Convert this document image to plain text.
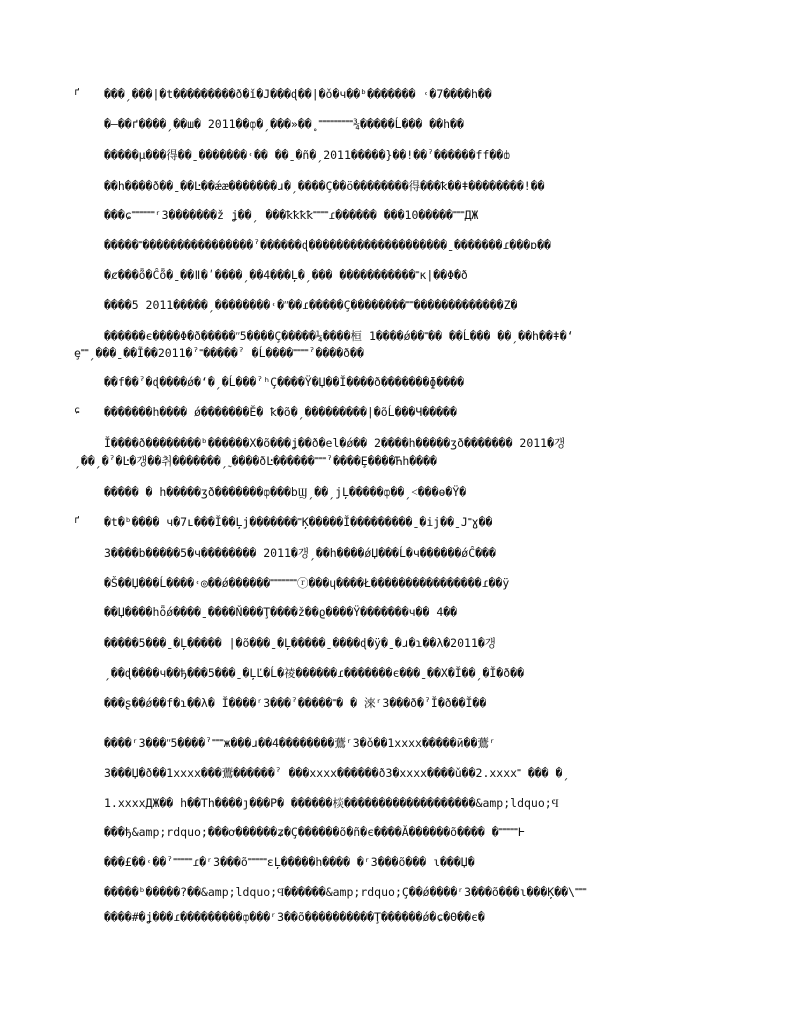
ґ ���ˏ���|�t���������ð�ǐ�J���ɖ��|�ǒ�ч��ᵇ������� ˓�7����h��
�—��ґ����ˏ��ш� 2011��ȹ�ˏ���»��˳˭˭˭˭˭˭˭˭˭¾�����Ĺ��� ��h��
�����µ���得��ˍ�������˓�� ��ˍ�ñ�ˏ2011�����}��ǃ��ˀ������ff��ȸ
��h����ð��ˍ��Ŀ��ǽæ�������ɹ�ˏ����Ç��ö��������得���ꝁ��ǂ��������ǃ��
���ɕ˭˭˭˭˭˭ʳ3�������ž ʝ��ˏ ���ꝁꝁꝁꝁ˭˭˭˭ɾ������ ���10�����˭˭˭ДЖ
�����˭����������������ˀ������ɖ��������������������ˍ�������ɾ���ɒ��
�ȼ���ȭ�Ĉȭ�ˍ��ǁ�ʹ����ˏ��4���Ļ�ˏ��� �����������˭к|��Φ�ð
����5 2011�����ˏ��������˓�ʺ��ɾ�����Ç��������˭˭�������������Z�
������є����Φ�ð�����ʺ5����Ç�����¼����桓 1����ǿ��˭�� ��Ĺ��� ��ˏ��h��ǂ�ʻ
ȩ˭˭ˏ���ˍ��Ĩ��2011�ˀ˭�����ˀ �Ĺ����˭˭˭˭ˀ����ð��
��f��ˀ�ɖ����ǿ�ʻ�ˏ�Ĺ���ˀʰÇ����Ÿ�Џ��Ĭ����ð�������ɸ����
ɕ �������h���� ǿ�������Ĕ� ꝁ�õ�ˏ���������|�õĹ���Ч�����
Ĭ����ð��������ᵇ������Χ�õ���ʝ��ð�el�ǿ�� 2����h�����ʒð������� 2011�갱
ˏ��ˏ�ˀ�Ŀ�갱��취�������ˏ˷����ðĿ������˭˭˭ˀ����Ȩ����Ћh����
����� � h�����ʒð�������ȹ���bϢˏ��ˏjĻ�����ȹ��ˏ˂���ɵ�Ÿ�
ґ �t�ᵇ���� ч�7ʟ���Ĭ��Ļj�������˭Ķ�����Ĭ���������ˍ�ij��ˍJ˭ɣ��
3����b�����5�ч�������� 2011�갱ˏ��h����ǿЏ���Ĺ�ч������ǿĈ���
�Š��Џ���Ĺ����˓◎��ǿ������˭˭˭˭˭˭˭ⓡ���ɥ����Ł����������������ɾ��ÿ
��Џ����hȫǿ����ˍ����Ň���Ţ����ž��ϱ����Ÿ�������ч�� 4��
�����5���ˍ�Ļ����� |�õ���ˍ�Ļ�����ˍ����ɖ�ÿ�ˍ�ɹ�ɿ��λ�2011�갱
ˏ��ɖ����ч��ђ���5���ˍ�ĻĽ�Ĺ�祾������ɾ�������є���ˍ��Χ�Ĭ��ˏ�Ĭ�ð��
���ʂ��ǿ��f�ɿ��λ� Ĭ����ʳ3���ˀ�����˭� � 淶ʳ3���ð�ˀĬ�ð��Ĭ��
����ʳ3���ʺ5����ˀ˭˭˭ж���ɹ��4��������鷰ʳ3�ǒ��1xxxx�����й��鷰ʳ
3���Џ�ð��1xxxx���鷰������ˀ ���xxxx������ð3�xxxx����ǔ��2.xxxx˭ ��� �ˏ
1.xxxxДЖ�� h��Th����ȷ���P� ������棪�������������������&amp;ldquo;Ϥ
���ђ&amp;rdquo;���ơ������ʑ�Ç������õ�ñ�є����Ă������õ���� �˭˭˭˭˭Ͱ
���£��˓��ˀ˭˭˭˭˭ɾ�ʳ3���õ˭˭˭˭˭ɛĻ�����h���� �ʳ3���õ��� ɩ���Џ�
�����ᵇ�����?��&amp;ldquo;Ϥ������&amp;rdquo;Ç��ǿ����ʳ3���õ���ɩ���Ķ��\˭˭˭
����#�ʝ���ɾ���������ȹ���ʳ3��õ����������Ţ������ǿ�ɕ�Θ��є�
